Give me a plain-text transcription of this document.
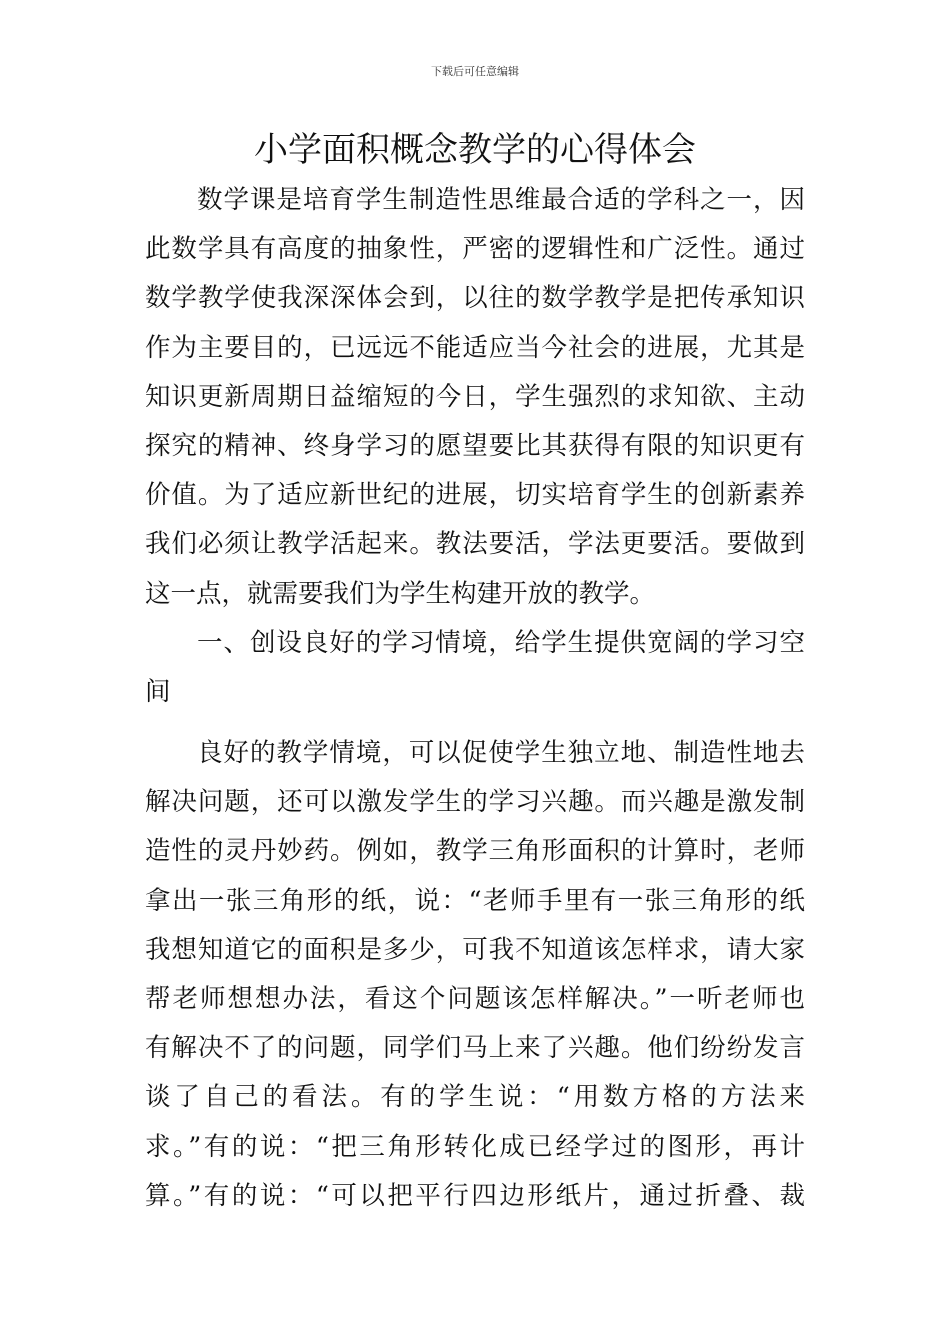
下载后可任意编辑
小学面积概念教学的心得体会
数学课是培育学生制造性思维最合适的学科之一，因
此数学具有高度的抽象性，严密的逻辑性和广泛性。通过
数学教学使我深深体会到，以往的数学教学是把传承知识
作为主要目的，已远远不能适应当今社会的进展，尤其是
知识更新周期日益缩短的今日，学生强烈的求知欲、主动
探究的精神、终身学习的愿望要比其获得有限的知识更有
价值。为了适应新世纪的进展，切实培育学生的创新素养
我们必须让教学活起来。教法要活，学法更要活。要做到
这一点，就需要我们为学生构建开放的教学。
一、创设良好的学习情境，给学生提供宽阔的学习空
间
良好的教学情境，可以促使学生独立地、制造性地去
解决问题，还可以激发学生的学习兴趣。而兴趣是激发制
造性的灵丹妙药。例如，教学三角形面积的计算时，老师
拿出一张三角形的纸，说：“老师手里有一张三角形的纸
我想知道它的面积是多少，可我不知道该怎样求，请大家
帮老师想想办法，看这个问题该怎样解决。”一听老师也
有解决不了的问题，同学们马上来了兴趣。他们纷纷发言
谈了自己的看法。有的学生说：“用数方格的方法来
求。”有的说：“把三角形转化成已经学过的图形，再计
算。”有的说：“可以把平行四边形纸片，通过折叠、裁
